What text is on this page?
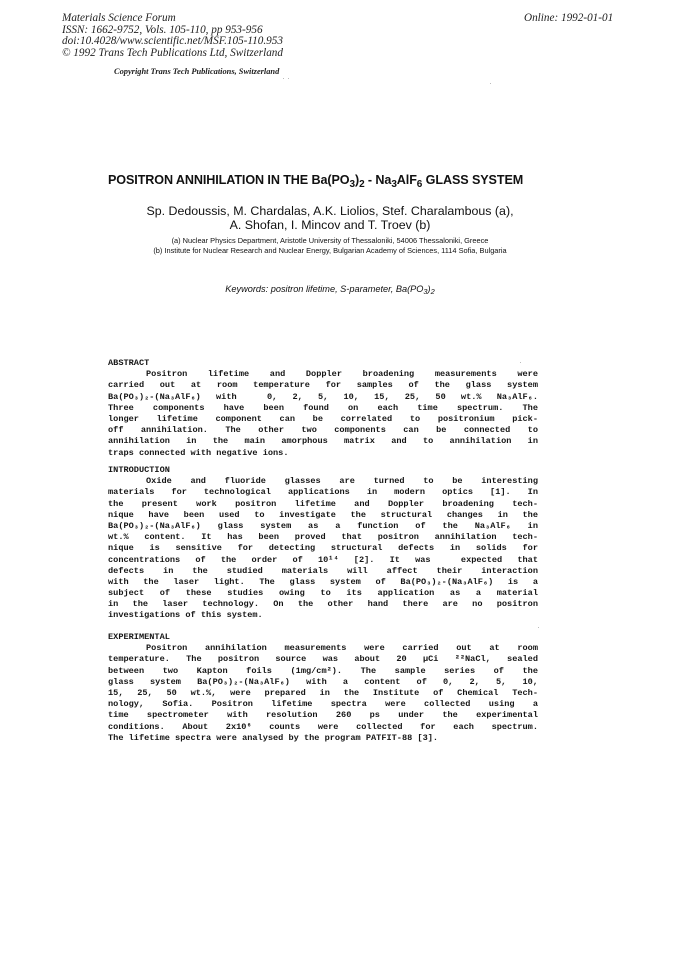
Materials Science Forum
ISSN: 1662-9752, Vols. 105-110, pp 953-956
doi:10.4028/www.scientific.net/MSF.105-110.953
© 1992 Trans Tech Publications Ltd, Switzerland
Online: 1992-01-01
Copyright Trans Tech Publications, Switzerland
POSITRON ANNIHILATION IN THE $Ba(PO_3)_2 - Na_3AlF_6$ GLASS SYSTEM
Sp. Dedoussis, M. Chardalas, A.K. Liolios, Stef. Charalambous (a),
A. Shofan, I. Mincov and T. Troev (b)
(a) Nuclear Physics Department, Aristotle University of Thessaloniki, 54006 Thessaloniki, Greece
(b) Institute for Nuclear Research and Nuclear Energy, Bulgarian Academy of Sciences, 1114 Sofia, Bulgaria
Keywords: positron lifetime, S-parameter, $Ba(PO_3)_2$
ABSTRACT
Positron lifetime and Doppler broadening measurements were
carried out at room temperature for samples of the glass system
Ba(PO₃)₂-(Na₃AlF₆) with  0, 2, 5, 10, 15, 25, 50 wt.% Na₃AlF₆.
Three components have been found on each time spectrum. The
longer lifetime component can be correlated to positronium pick-
off annihilation. The other two components can be connected to
annihilation in the main amorphous matrix and to annihilation in
traps connected with negative ions.
INTRODUCTION
Oxide and fluoride glasses are turned to be interesting
materials for technological applications in modern optics [1]. In
the present work positron lifetime and Doppler broadening tech-
nique have been used to investigate the structural changes in the
Ba(PO₃)₂-(Na₃AlF₆) glass system as a function of the Na₃AlF₆ in
wt.% content. It has been proved that positron annihilation tech-
nique is sensitive for detecting structural defects in solids for
concentrations of the order of 10¹⁴ [2]. It was  expected that
defects in the studied materials will affect their interaction
with the laser light. The glass system of Ba(PO₃)₂-(Na₃AlF₆) is a
subject of these studies owing to its application as a material
in the laser technology. On the other hand there are no positron
investigations of this system.
EXPERIMENTAL
Positron annihilation measurements were carried out at room
temperature. The positron source was about 20 µCi ²²NaCl, sealed
between two Kapton foils (1mg/cm²). The sample series of the
glass system Ba(PO₃)₂-(Na₃AlF₆) with a content of 0, 2, 5, 10,
15, 25, 50 wt.%, were prepared in the Institute of Chemical Tech-
nology, Sofia. Positron lifetime spectra were collected using a
time spectrometer with resolution 260 ps under the experimental
conditions. About 2x10⁶ counts were collected for each spectrum.
The lifetime spectra were analysed by the program PATFIT-88 [3].
